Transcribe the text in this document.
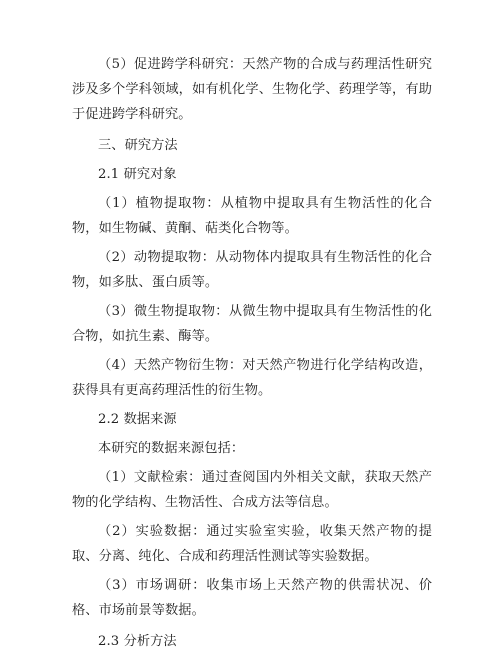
（5）促进跨学科研究：天然产物的合成与药理活性研究涉及多个学科领域，如有机化学、生物化学、药理学等，有助于促进跨学科研究。

三、研究方法

2.1 研究对象

（1）植物提取物：从植物中提取具有生物活性的化合物，如生物碱、黄酮、萜类化合物等。

（2）动物提取物：从动物体内提取具有生物活性的化合物，如多肽、蛋白质等。

（3）微生物提取物：从微生物中提取具有生物活性的化合物，如抗生素、酶等。

（4）天然产物衍生物：对天然产物进行化学结构改造，获得具有更高药理活性的衍生物。

2.2 数据来源

本研究的数据来源包括：

（1）文献检索：通过查阅国内外相关文献，获取天然产物的化学结构、生物活性、合成方法等信息。

（2）实验数据：通过实验室实验，收集天然产物的提取、分离、纯化、合成和药理活性测试等实验数据。

（3）市场调研：收集市场上天然产物的供需状况、价格、市场前景等数据。

2.3 分析方法
